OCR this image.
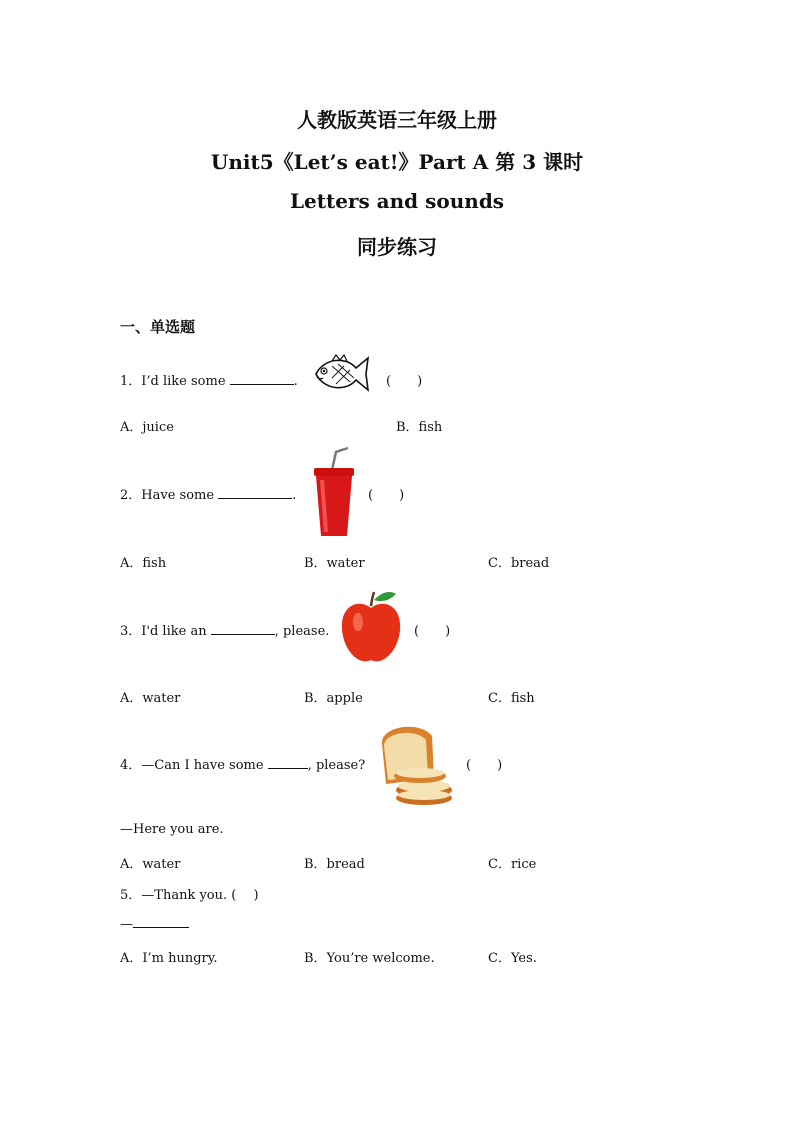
人教版英语三年级上册
Unit5《Let’s eat!》Part A 第 3 课时
Letters and sounds
同步练习
一、单选题
1．I’d like some	.	(　　)
A．juice	B．fish
2．Have some	.	(　　)
A．fish	B．water	C．bread
3．I'd like an	, please.	(　　)
A．water	B．apple	C．fish
4．—Can I have some	, please?	(　　)
—Here you are.
A．water	B．bread	C．rice
5．—Thank you. ( 　)
—
A．I’m hungry.	B．You’re welcome.	C．Yes.
